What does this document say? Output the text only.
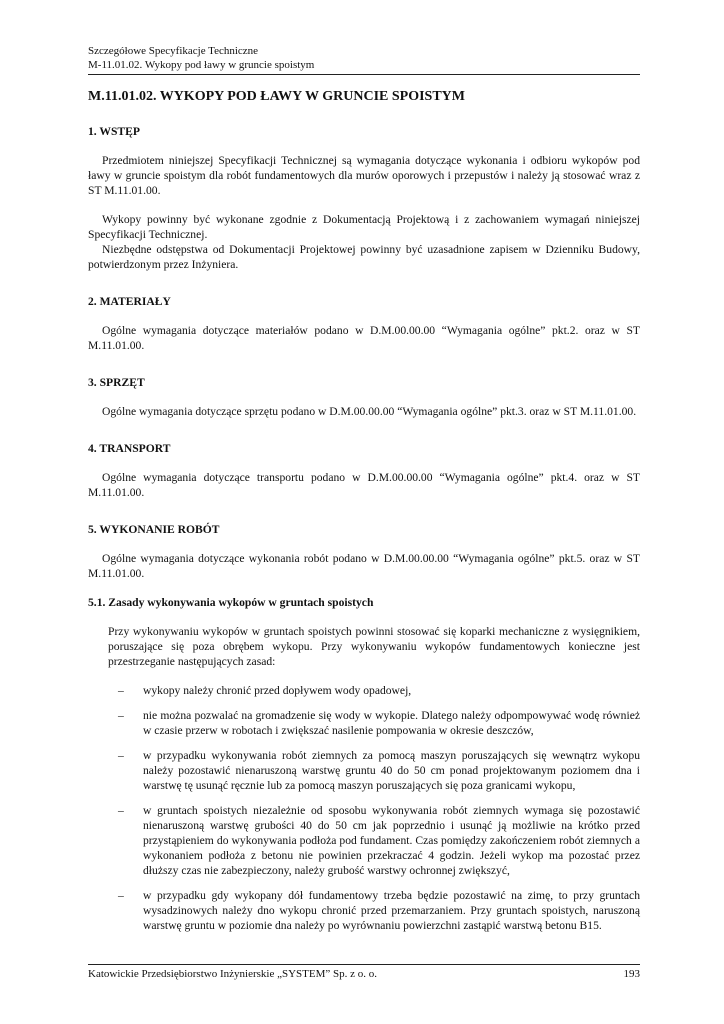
Szczegółowe Specyfikacje Techniczne
M-11.01.02. Wykopy pod ławy w gruncie spoistym
M.11.01.02. WYKOPY POD ŁAWY W GRUNCIE SPOISTYM
1. WSTĘP

Przedmiotem niniejszej Specyfikacji Technicznej są wymagania dotyczące wykonania i odbioru wykopów pod ławy w gruncie spoistym dla robót fundamentowych dla murów oporowych i przepustów i należy ją stosować wraz z ST M.11.01.00.

Wykopy powinny być wykonane zgodnie z Dokumentacją Projektową i z zachowaniem wymagań niniejszej Specyfikacji Technicznej.

Niezbędne odstępstwa od Dokumentacji Projektowej powinny być uzasadnione zapisem w Dzienniku Budowy, potwierdzonym przez Inżyniera.

2. MATERIAŁY

Ogólne wymagania dotyczące materiałów podano w D.M.00.00.00 “Wymagania ogólne” pkt.2. oraz w ST M.11.01.00.

3. SPRZĘT

Ogólne wymagania dotyczące sprzętu podano w D.M.00.00.00 “Wymagania ogólne” pkt.3. oraz w ST M.11.01.00.

4. TRANSPORT

Ogólne wymagania dotyczące transportu podano w D.M.00.00.00 “Wymagania ogólne” pkt.4. oraz w ST M.11.01.00.

5. WYKONANIE ROBÓT

Ogólne wymagania dotyczące wykonania robót podano w D.M.00.00.00 “Wymagania ogólne” pkt.5. oraz w ST M.11.01.00.

5.1. Zasady wykonywania wykopów w gruntach spoistych

Przy wykonywaniu wykopów w gruntach spoistych powinni stosować się koparki mechaniczne z wysięgnikiem, poruszające się poza obrębem wykopu. Przy wykonywaniu wykopów fundamentowych konieczne jest przestrzeganie następujących zasad:

– wykopy należy chronić przed dopływem wody opadowej,
– nie można pozwalać na gromadzenie się wody w wykopie. Dlatego należy odpompowywać wodę również w czasie przerw w robotach i zwiększać nasilenie pompowania w okresie deszczów,
– w przypadku wykonywania robót ziemnych za pomocą maszyn poruszających się wewnątrz wykopu należy pozostawić nienaruszoną warstwę gruntu 40 do 50 cm ponad projektowanym poziomem dna i warstwę tę usunąć ręcznie lub za pomocą maszyn poruszających się poza granicami wykopu,
– w gruntach spoistych niezależnie od sposobu wykonywania robót ziemnych wymaga się pozostawić nienaruszoną warstwę grubości 40 do 50 cm jak poprzednio i usunąć ją możliwie na krótko przed przystąpieniem do wykonywania podłoża pod fundament. Czas pomiędzy zakończeniem robót ziemnych a wykonaniem podłoża z betonu nie powinien przekraczać 4 godzin. Jeżeli wykop ma pozostać przez dłuższy czas nie zabezpieczony, należy grubość warstwy ochronnej zwiększyć,
– w przypadku gdy wykopany dół fundamentowy trzeba będzie pozostawić na zimę, to przy gruntach wysadzinowych należy dno wykopu chronić przed przemarzaniem. Przy gruntach spoistych, naruszoną warstwę gruntu w poziomie dna należy po wyrównaniu powierzchni zastąpić warstwą betonu B15.
Katowickie Przedsiębiorstwo Inżynierskie „SYSTEM” Sp. z o. o.	193
